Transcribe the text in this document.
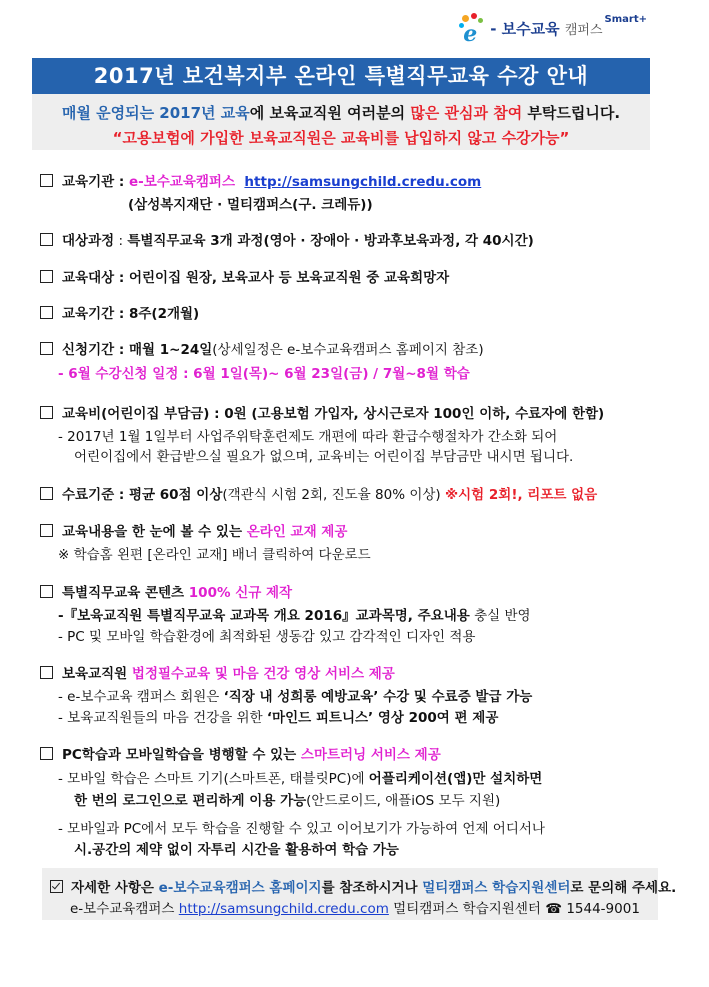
e - 보수교육 캠퍼스
Smart+
2017년 보건복지부 온라인 특별직무교육 수강 안내
매월 운영되는 2017년 교육에 보육교직원 여러분의 많은 관심과 참여 부탁드립니다.
“고용보험에 가입한 보육교직원은 교육비를 납입하지 않고 수강가능”
교육기관 : e-보수교육캠퍼스 http://samsungchild.credu.com
(삼성복지재단 · 멀티캠퍼스(구. 크레듀))
대상과정 : 특별직무교육 3개 과정(영아 · 장애아 · 방과후보육과정, 각 40시간)
교육대상 : 어린이집 원장, 보육교사 등 보육교직원 중 교육희망자
교육기간 : 8주(2개월)
신청기간 : 매월 1~24일(상세일정은 e-보수교육캠퍼스 홈페이지 참조)
- 6월 수강신청 일정 : 6월 1일(목)~ 6월 23일(금) / 7월~8월 학습
교육비(어린이집 부담금) : 0원 (고용보험 가입자, 상시근로자 100인 이하, 수료자에 한함)
- 2017년 1월 1일부터 사업주위탁훈련제도 개편에 따라 환급수행절차가 간소화 되어
어린이집에서 환급받으실 필요가 없으며, 교육비는 어린이집 부담금만 내시면 됩니다.
수료기준 : 평균 60점 이상(객관식 시험 2회, 진도율 80% 이상) ※시험 2회!, 리포트 없음
교육내용을 한 눈에 볼 수 있는 온라인 교재 제공
※ 학습홈 왼편 [온라인 교재] 배너 클릭하여 다운로드
특별직무교육 콘텐츠 100% 신규 제작
-『보육교직원 특별직무교육 교과목 개요 2016』교과목명, 주요내용 충실 반영
- PC 및 모바일 학습환경에 최적화된 생동감 있고 감각적인 디자인 적용
보육교직원 법정필수교육 및 마음 건강 영상 서비스 제공
- e-보수교육 캠퍼스 회원은 ‘직장 내 성희롱 예방교육’ 수강 및 수료증 발급 가능
- 보육교직원들의 마음 건강을 위한 ‘마인드 피트니스’ 영상 200여 편 제공
PC학습과 모바일학습을 병행할 수 있는 스마트러닝 서비스 제공
- 모바일 학습은 스마트 기기(스마트폰, 태블릿PC)에 어플리케이션(앱)만 설치하면
한 번의 로그인으로 편리하게 이용 가능(안드로이드, 애플iOS 모두 지원)
- 모바일과 PC에서 모두 학습을 진행할 수 있고 이어보기가 가능하여 언제 어디서나
시.공간의 제약 없이 자투리 시간을 활용하여 학습 가능
자세한 사항은 e-보수교육캠퍼스 홈페이지를 참조하시거나 멀티캠퍼스 학습지원센터로 문의해 주세요.
e-보수교육캠퍼스 http://samsungchild.credu.com 멀티캠퍼스 학습지원센터 ☎ 1544-9001
